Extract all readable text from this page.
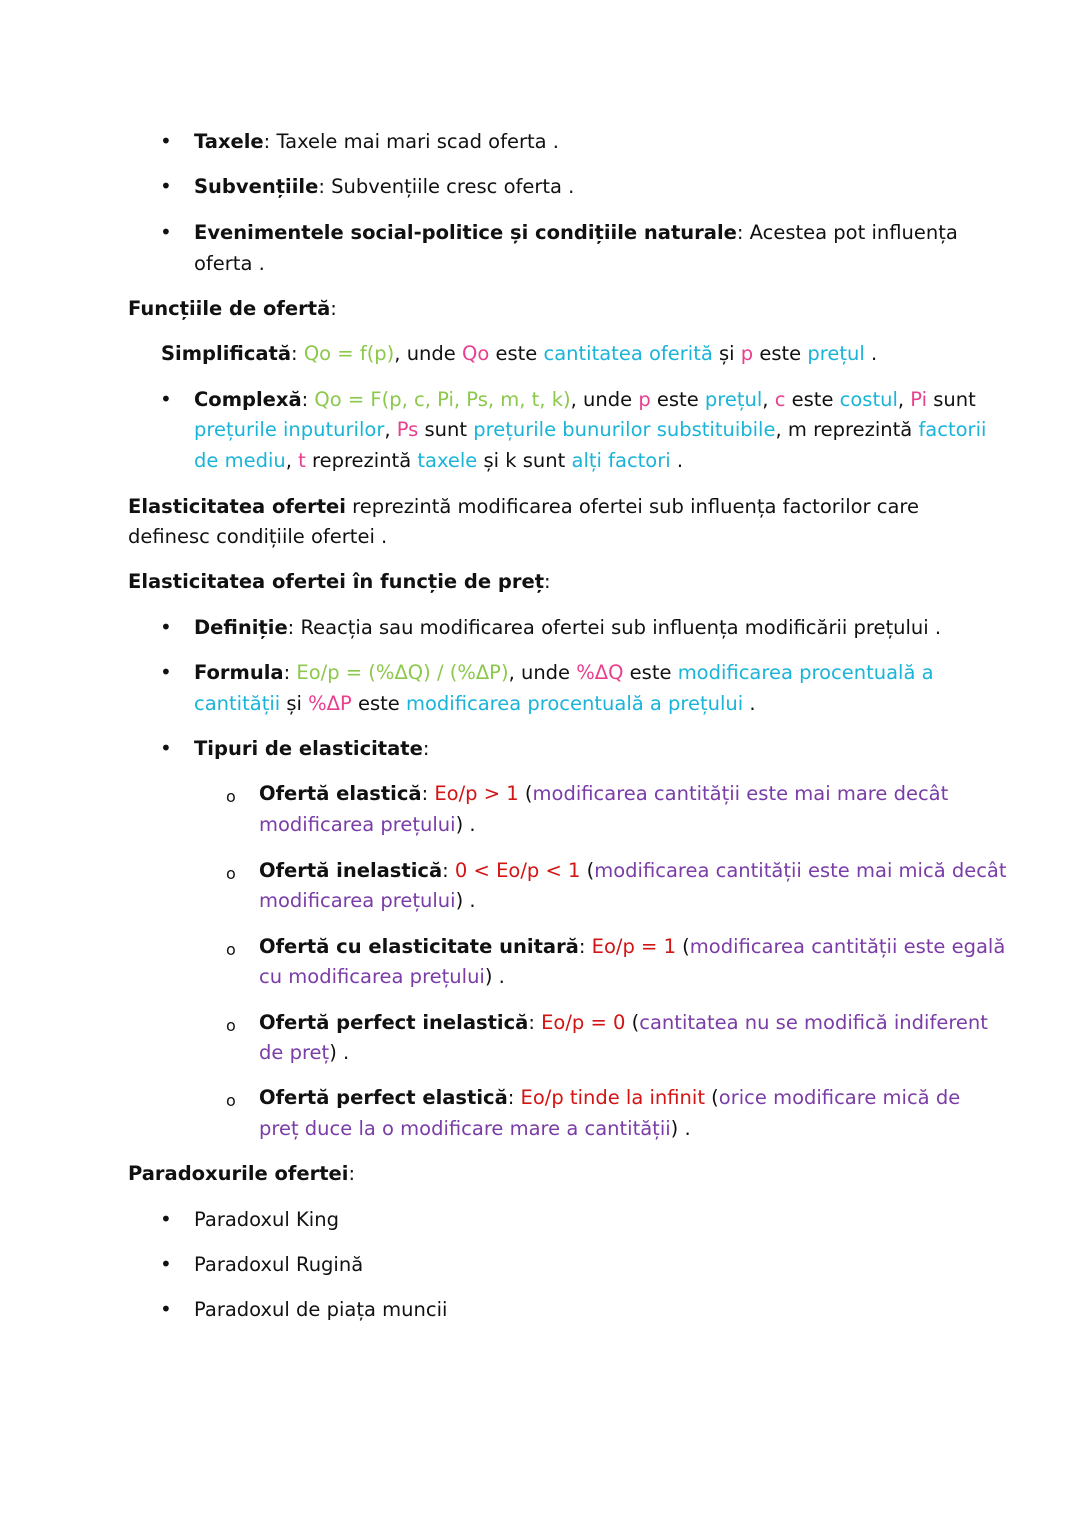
Taxele: Taxele mai mari scad oferta .
Subvențiile: Subvențiile cresc oferta .
Evenimentele social-politice și condițiile naturale: Acestea pot influența
oferta .
Funcțiile de ofertă:
Simplificată: Qo = f(p), unde Qo este cantitatea oferită și p este prețul .
Complexă: Qo = F(p, c, Pi, Ps, m, t, k), unde p este prețul, c este costul, Pi sunt
prețurile inputurilor, Ps sunt prețurile bunurilor substituibile, m reprezintă factorii
de mediu, t reprezintă taxele și k sunt alți factori .
Elasticitatea ofertei reprezintă modificarea ofertei sub influența factorilor care
definesc condițiile ofertei .
Elasticitatea ofertei în funcție de preț:
Definiție: Reacția sau modificarea ofertei sub influența modificării prețului .
Formula: Eo/p = (%ΔQ) / (%ΔP), unde %ΔQ este modificarea procentuală a
cantității și %ΔP este modificarea procentuală a prețului .
Tipuri de elasticitate:
Ofertă elastică: Eo/p > 1 (modificarea cantității este mai mare decât
modificarea prețului) .
Ofertă inelastică: 0 < Eo/p < 1 (modificarea cantității este mai mică decât
modificarea prețului) .
Ofertă cu elasticitate unitară: Eo/p = 1 (modificarea cantității este egală
cu modificarea prețului) .
Ofertă perfect inelastică: Eo/p = 0 (cantitatea nu se modifică indiferent
de preț) .
Ofertă perfect elastică: Eo/p tinde la infinit (orice modificare mică de
preț duce la o modificare mare a cantității) .
Paradoxurile ofertei:
Paradoxul King
Paradoxul Rugină
Paradoxul de piața muncii
•
•
•
•
•
•
•
o
o
o
o
o
•
•
•
